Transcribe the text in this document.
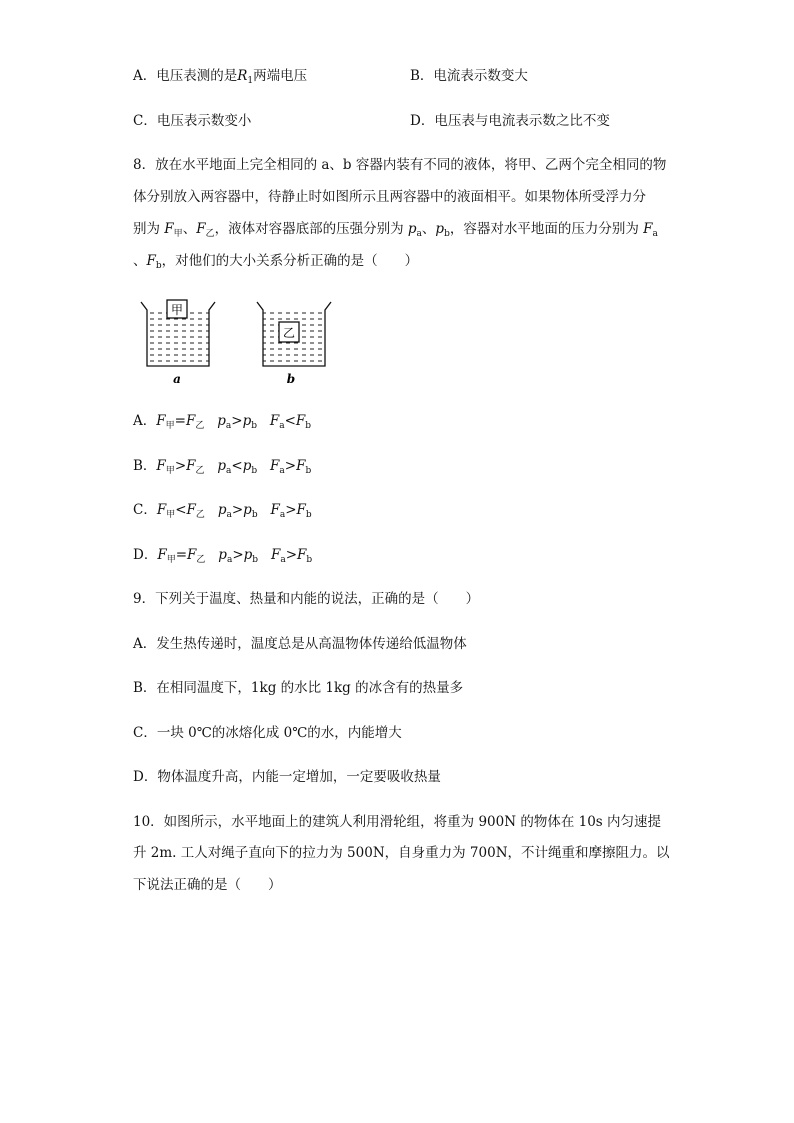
A．电压表测的是$R_1$两端电压	B．电流表示数变大
C．电压表示数变小	D．电压表与电流表示数之比不变
8．放在水平地面上完全相同的 a、b 容器内装有不同的液体，将甲、乙两个完全相同的物
体分别放入两容器中，待静止时如图所示且两容器中的液面相平。如果物体所受浮力分
别为 $F_甲$、$F_乙$，液体对容器底部的压强分别为 $p_a$、$p_b$，容器对水平地面的压力分别为 $F_a$
、$F_b$，对他们的大小关系分析正确的是（　　）
甲
a
乙
b
A．$F_甲=F_乙$ $p_a>p_b$ $F_a<F_b$
B．$F_甲>F_乙$ $p_a<p_b$ $F_a>F_b$
C．$F_甲<F_乙$ $p_a>p_b$ $F_a>F_b$
D．$F_甲=F_乙$ $p_a>p_b$ $F_a>F_b$
9．下列关于温度、热量和内能的说法，正确的是（　　）
A．发生热传递时，温度总是从高温物体传递给低温物体
B．在相同温度下，1kg 的水比 1kg 的冰含有的热量多
C．一块 0℃的冰熔化成 0℃的水，内能增大
D．物体温度升高，内能一定增加，一定要吸收热量
10．如图所示，水平地面上的建筑人利用滑轮组，将重为 900N 的物体在 10s 内匀速提
升 2m. 工人对绳子直向下的拉力为 500N，自身重力为 700N，不计绳重和摩擦阻力。以
下说法正确的是（　　）
